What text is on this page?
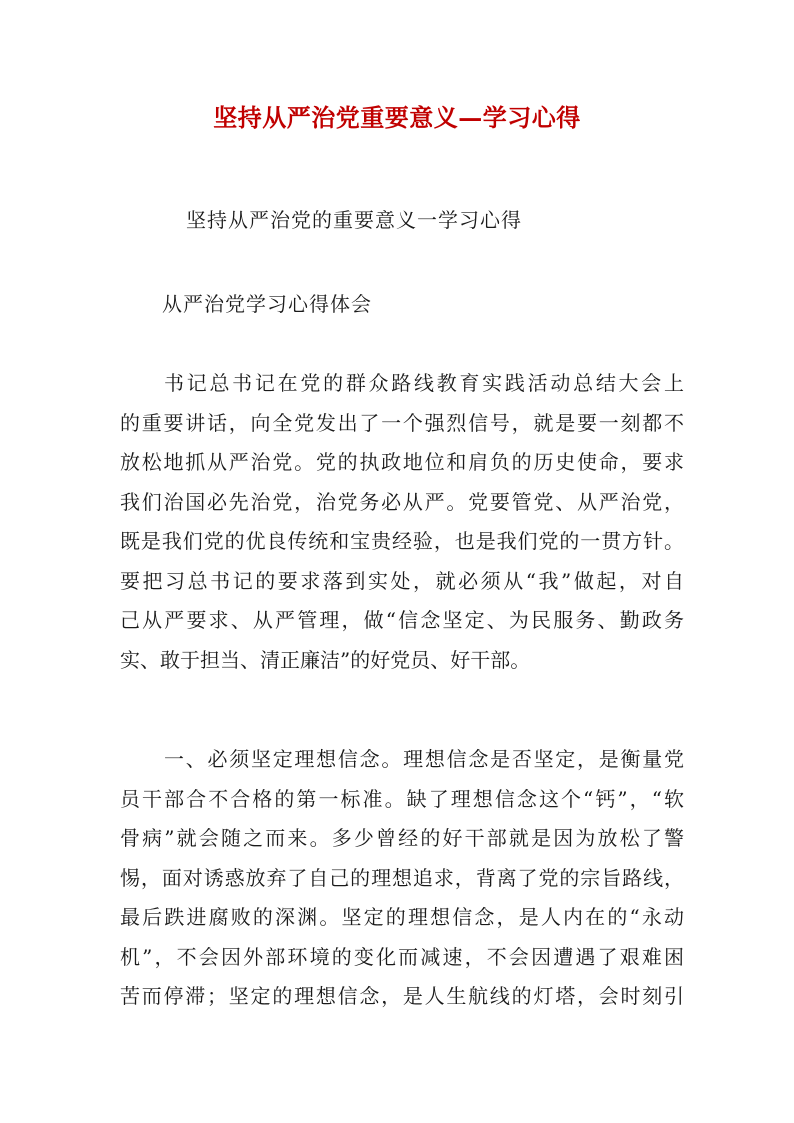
坚持从严治党重要意义—学习心得
坚持从严治党的重要意义一学习心得
从严治党学习心得体会
书记总书记在党的群众路线教育实践活动总结大会上
的重要讲话，向全党发出了一个强烈信号，就是要一刻都不
放松地抓从严治党。党的执政地位和肩负的历史使命，要求
我们治国必先治党，治党务必从严。党要管党、从严治党，
既是我们党的优良传统和宝贵经验，也是我们党的一贯方针。
要把习总书记的要求落到实处，就必须从“我”做起，对自
己从严要求、从严管理，做“信念坚定、为民服务、勤政务
实、敢于担当、清正廉洁”的好党员、好干部。
一、必须坚定理想信念。理想信念是否坚定，是衡量党
员干部合不合格的第一标准。缺了理想信念这个“钙”，“软
骨病”就会随之而来。多少曾经的好干部就是因为放松了警
惕，面对诱惑放弃了自己的理想追求，背离了党的宗旨路线，
最后跌进腐败的深渊。坚定的理想信念，是人内在的“永动
机”，不会因外部环境的变化而减速，不会因遭遇了艰难困
苦而停滞；坚定的理想信念，是人生航线的灯塔，会时刻引
